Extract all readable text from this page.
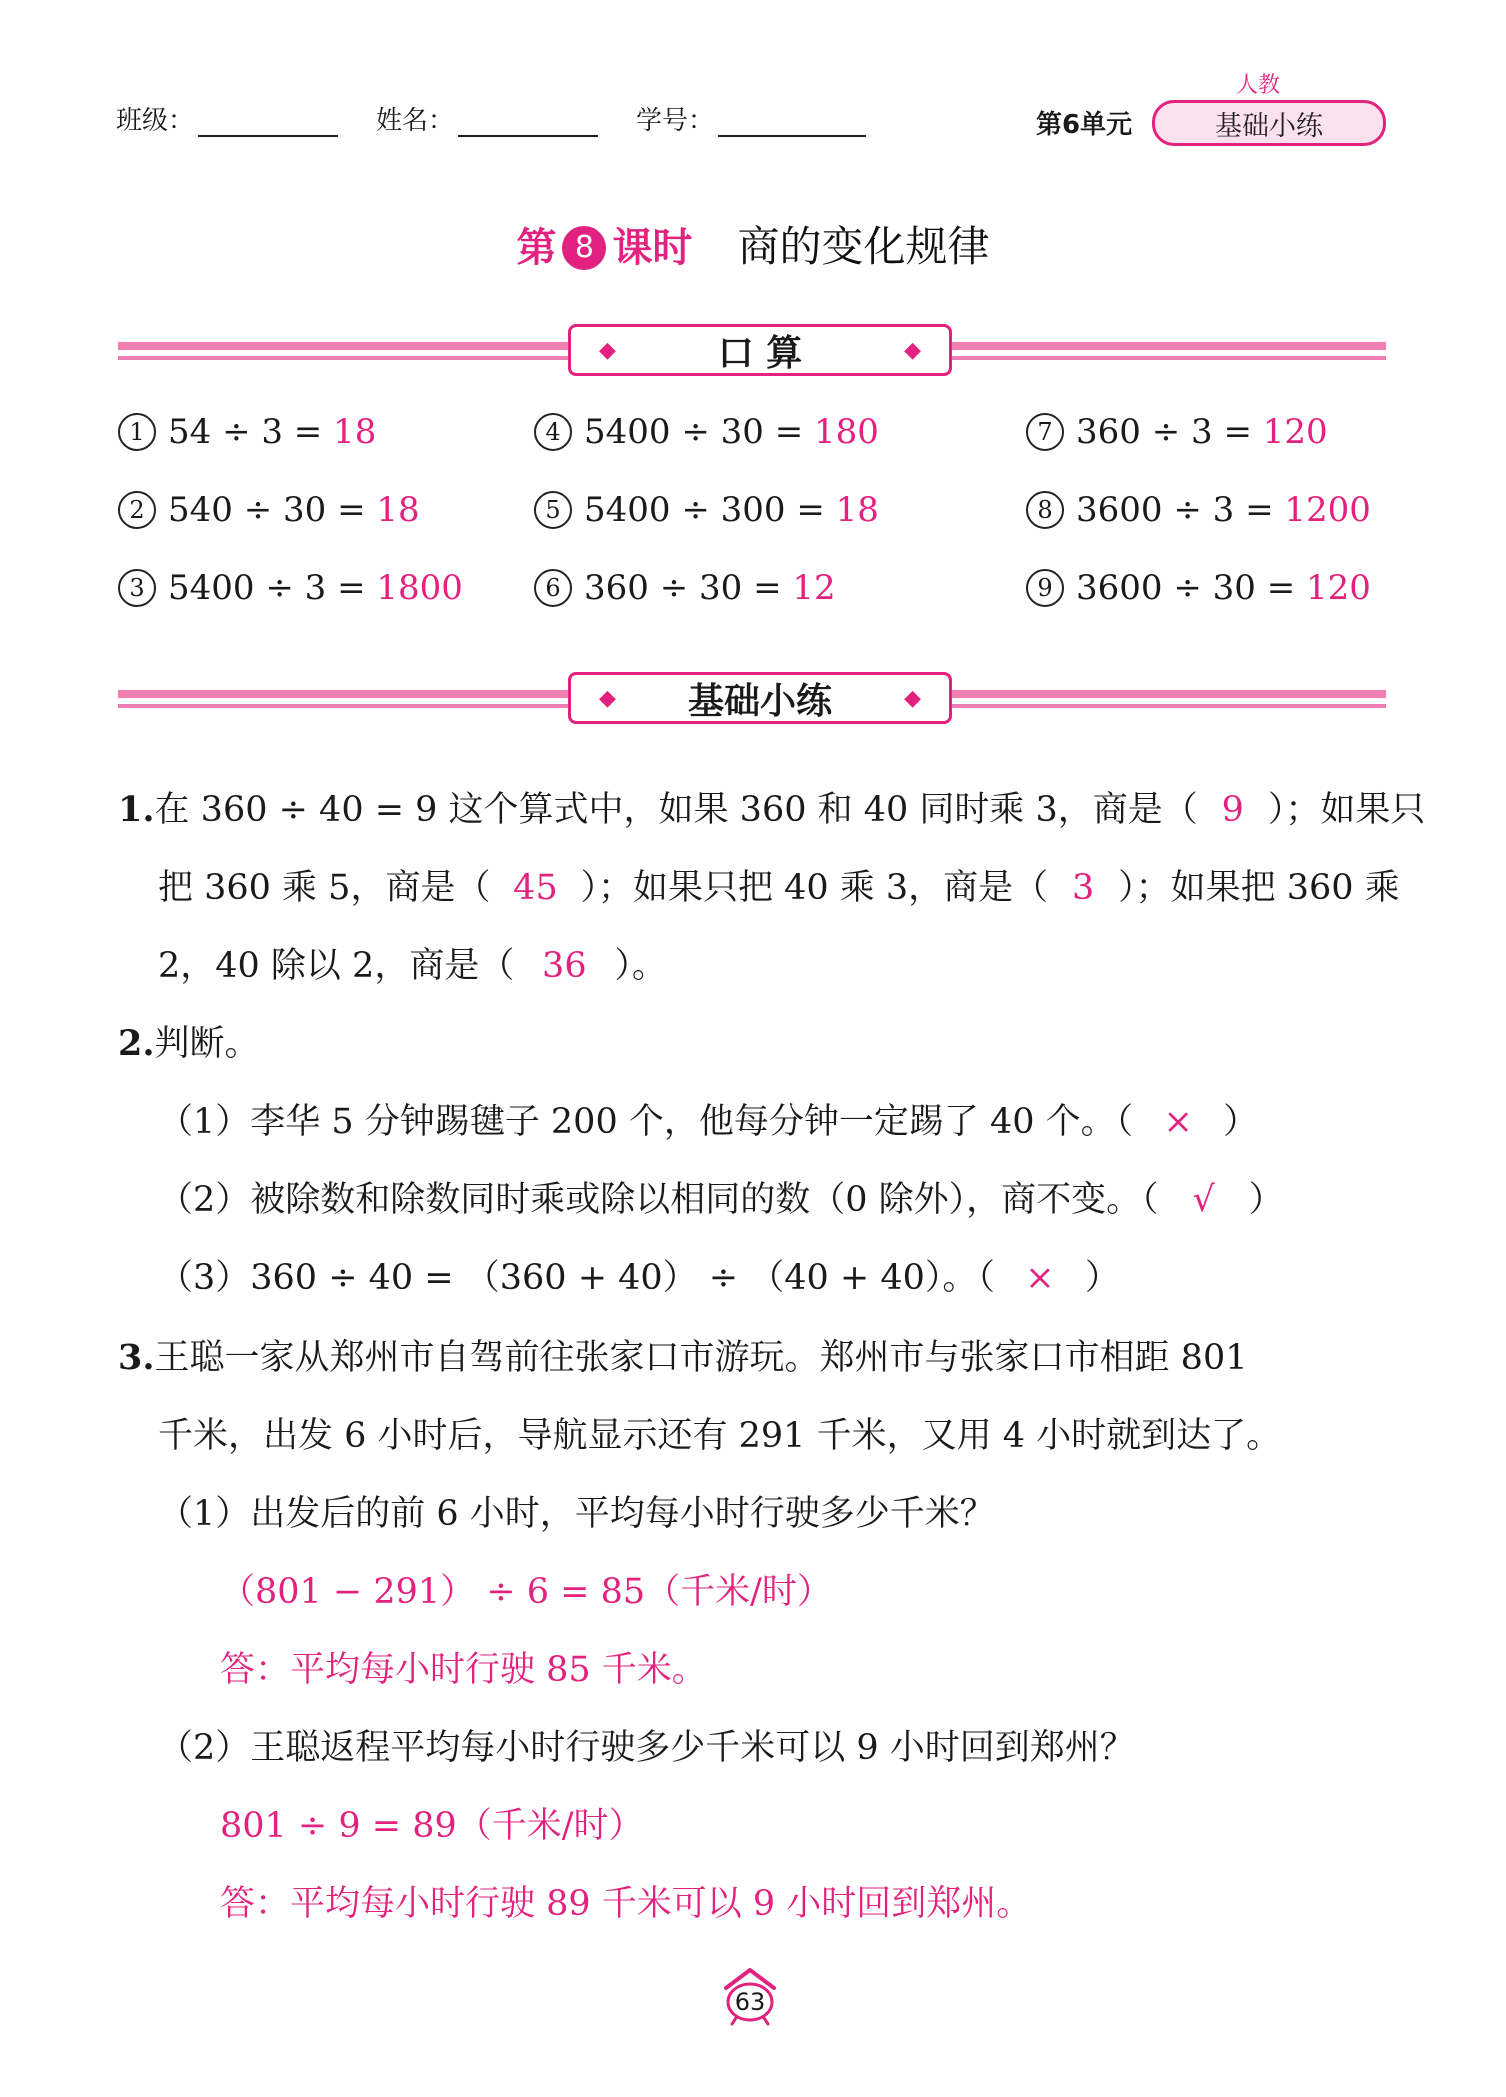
班级：	姓名：	学号：	第6单元
人教
基础小练
第 8 课时 商的变化规律
◆	口 算	◆
1 54 ÷ 3 = 18
2 540 ÷ 30 = 18
3 5400 ÷ 3 = 1800
4 5400 ÷ 30 = 180
5 5400 ÷ 300 = 18
6 360 ÷ 30 = 12
7 360 ÷ 3 = 120
8 3600 ÷ 3 = 1200
9 3600 ÷ 30 = 120
◆ 基础小练	◆
1.在 360 ÷ 40 = 9 这个算式中，如果 360 和 40 同时乘 3，商是（ 9 ）；如果只
把 360 乘 5，商是（ 45 ）；如果只把 40 乘 3，商是（ 3 ）；如果把 360 乘
2，40 除以 2，商是（ 36 ）。
2.判断。
（1）李华 5 分钟踢毽子 200 个，他每分钟一定踢了 40 个。（ × ）
（2）被除数和除数同时乘或除以相同的数（0 除外），商不变。（ √ ）
（3）360 ÷ 40 = （360 + 40） ÷ （40 + 40）。（ × ）
3.王聪一家从郑州市自驾前往张家口市游玩。郑州市与张家口市相距 801
千米，出发 6 小时后，导航显示还有 291 千米，又用 4 小时就到达了。
（1）出发后的前 6 小时，平均每小时行驶多少千米？
（801 − 291） ÷ 6 = 85（千米/时）
答：平均每小时行驶 85 千米。
（2）王聪返程平均每小时行驶多少千米可以 9 小时回到郑州？
801 ÷ 9 = 89（千米/时）
答：平均每小时行驶 89 千米可以 9 小时回到郑州。
63
